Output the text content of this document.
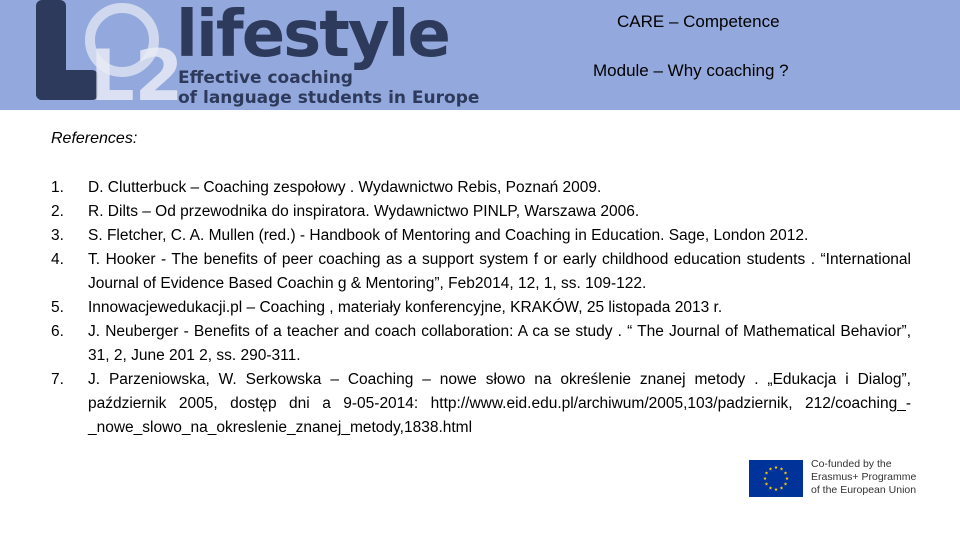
L2
lifestyle
Effective coaching
of language students in Europe
CARE – Competence
Module – Why coaching ?
References:
1.	D. Clutterbuck – Coaching zespołowy . Wydawnictwo Rebis, Poznań 2009.
2.	R. Dilts – Od przewodnika do inspiratora. Wydawnictwo PINLP, Warszawa 2006.
3.	S. Fletcher, C. A. Mullen (red.) - Handbook of Mentoring and Coaching in Education. Sage, London 2012.
4.	T. Hooker - The benefits of peer coaching as a support system f or early childhood education students . “International Journal of Evidence Based Coachin g & Mentoring”, Feb2014, 12, 1, ss. 109-122.
5.	Innowacjewedukacji.pl – Coaching , materiały konferencyjne, KRAKÓW, 25 listopada 2013 r.
6.	J. Neuberger - Benefits of a teacher and coach collaboration: A ca se study . “ The Journal of Mathematical Behavior”, 31, 2, June 201 2, ss. 290-311.
7.	J. Parzeniowska, W. Serkowska – Coaching – nowe słowo na określenie znanej metody . „Edukacja i Dialog”, październik 2005, dostęp dni a 9-05-2014: http://www.eid.edu.pl/archiwum/2005,103/padziernik, 212/coaching_-_nowe_slowo_na_okreslenie_znanej_metody,1838.html
Co-funded by the
Erasmus+ Programme
of the European Union
